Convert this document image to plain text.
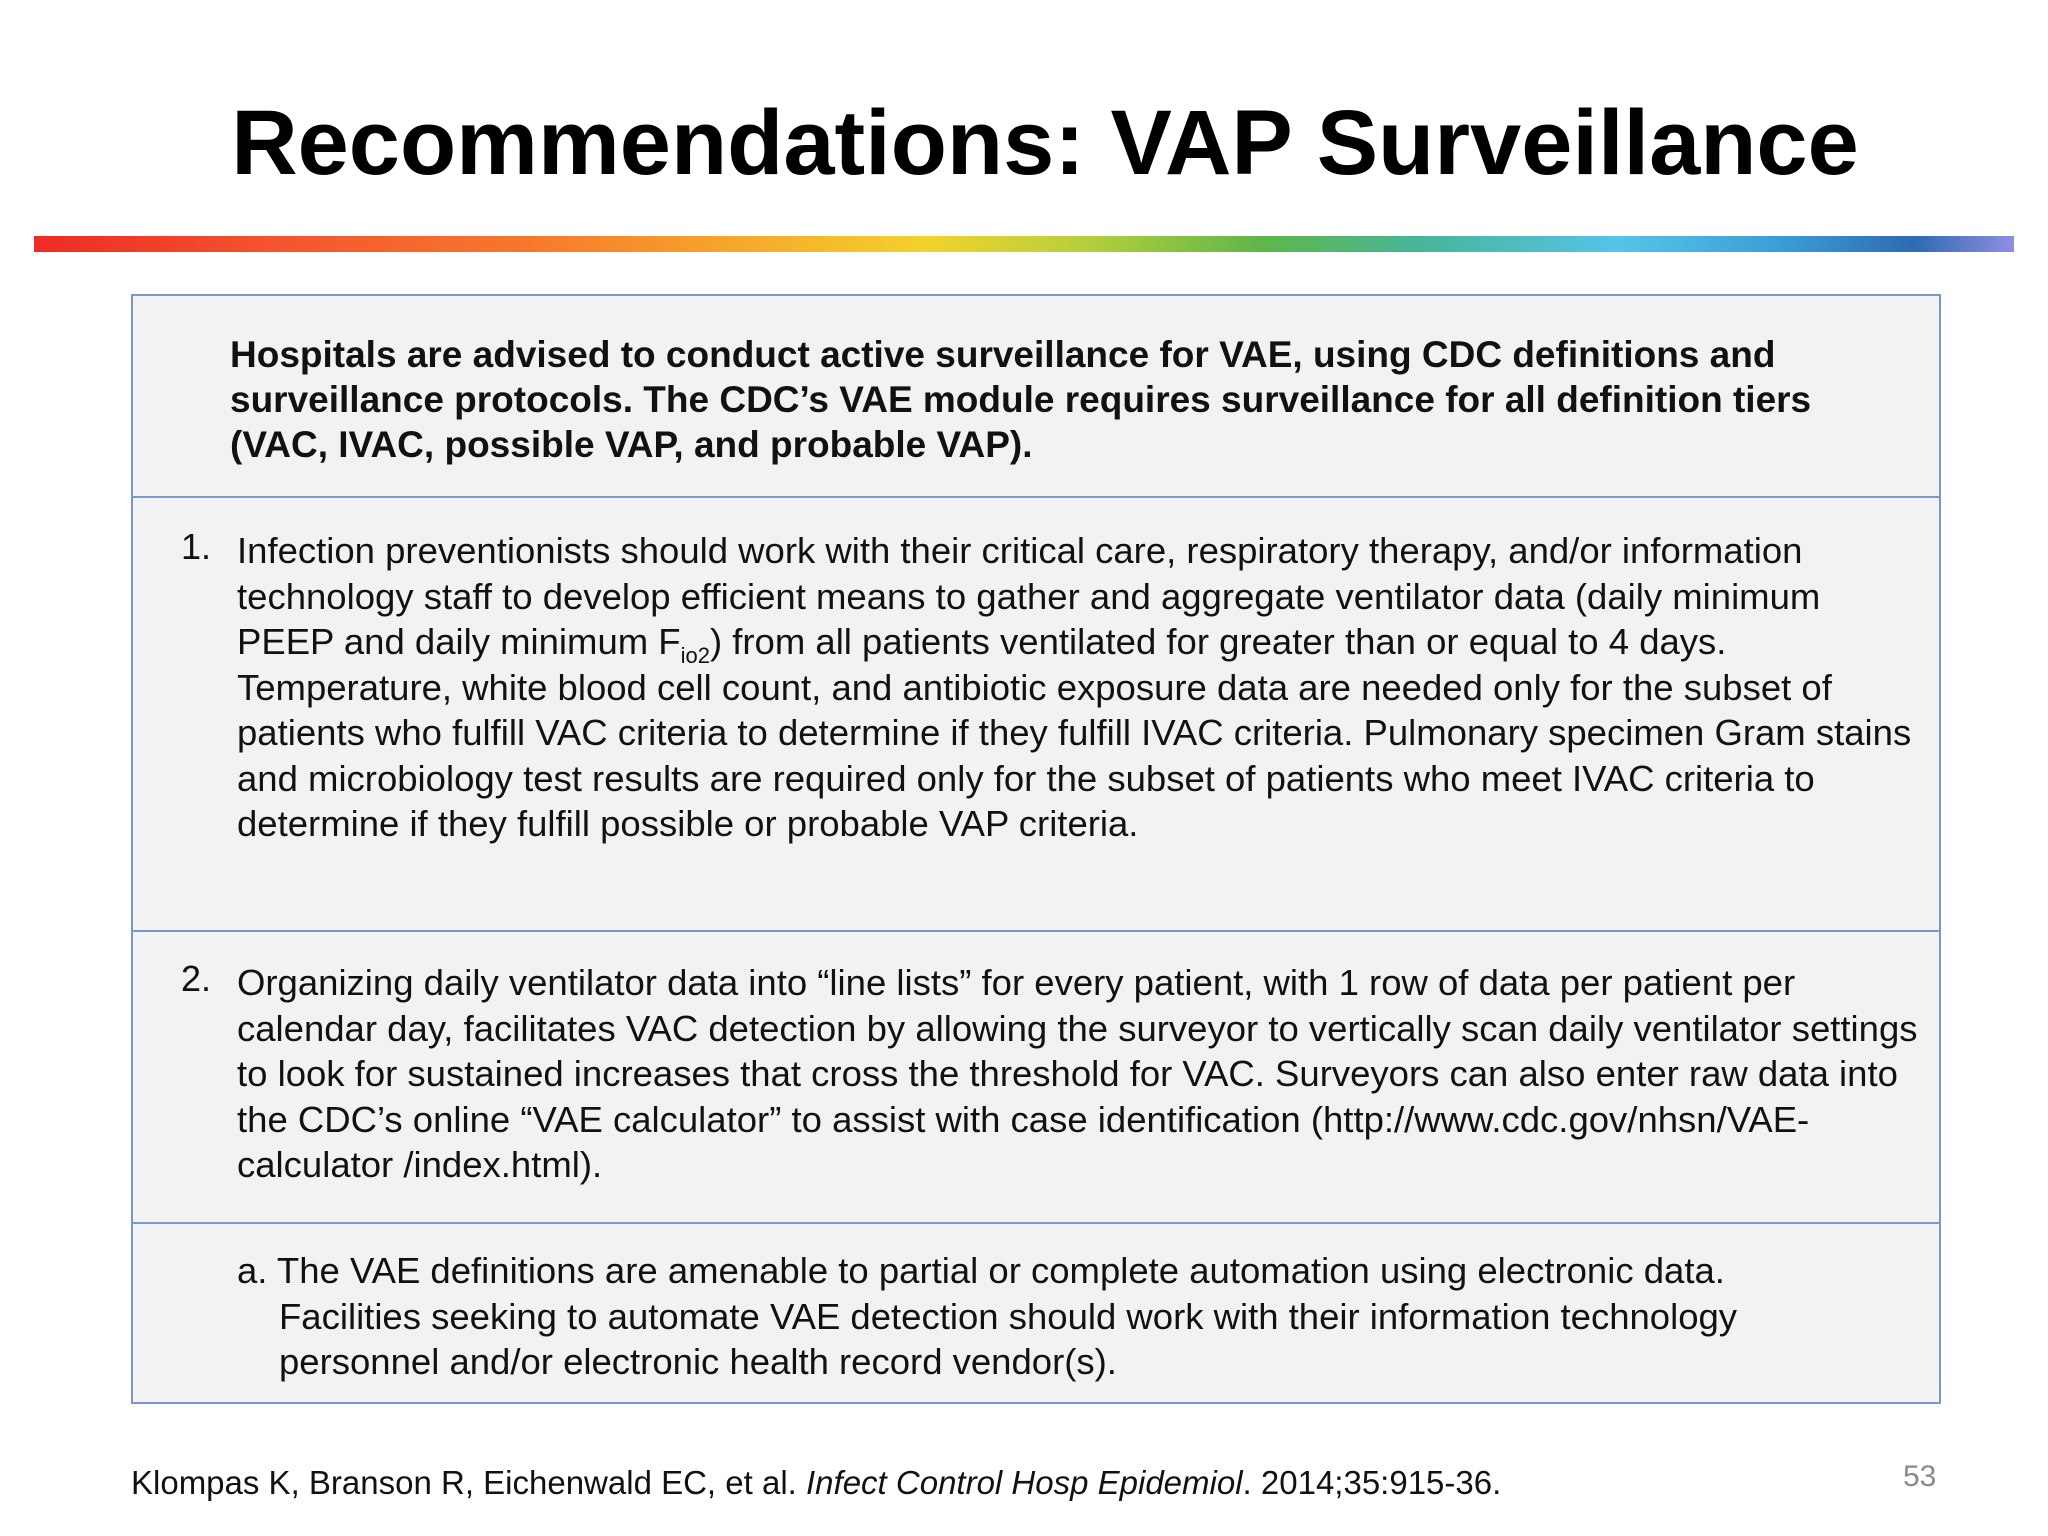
Recommendations: VAP Surveillance
Hospitals are advised to conduct active surveillance for VAE, using CDC definitions and surveillance protocols. The CDC’s VAE module requires surveillance for all definition tiers (VAC, IVAC, possible VAP, and probable VAP).
1. Infection preventionists should work with their critical care, respiratory therapy, and/or information technology staff to develop efficient means to gather and aggregate ventilator data (daily minimum PEEP and daily minimum $F_{io2}$) from all patients ventilated for greater than or equal to 4 days. Temperature, white blood cell count, and antibiotic exposure data are needed only for the subset of patients who fulfill VAC criteria to determine if they fulfill IVAC criteria. Pulmonary specimen Gram stains and microbiology test results are required only for the subset of patients who meet IVAC criteria to determine if they fulfill possible or probable VAP criteria.
2. Organizing daily ventilator data into “line lists” for every patient, with 1 row of data per patient per calendar day, facilitates VAC detection by allowing the surveyor to vertically scan daily ventilator settings to look for sustained increases that cross the threshold for VAC. Surveyors can also enter raw data into the CDC’s online “VAE calculator” to assist with case identification (http://www.cdc.gov/nhsn/VAE-calculator /index.html).
a. The VAE definitions are amenable to partial or complete automation using electronic data.
Facilities seeking to automate VAE detection should work with their information technology
personnel and/or electronic health record vendor(s).
Klompas K, Branson R, Eichenwald EC, et al. Infect Control Hosp Epidemiol. 2014;35:915-36.	53
